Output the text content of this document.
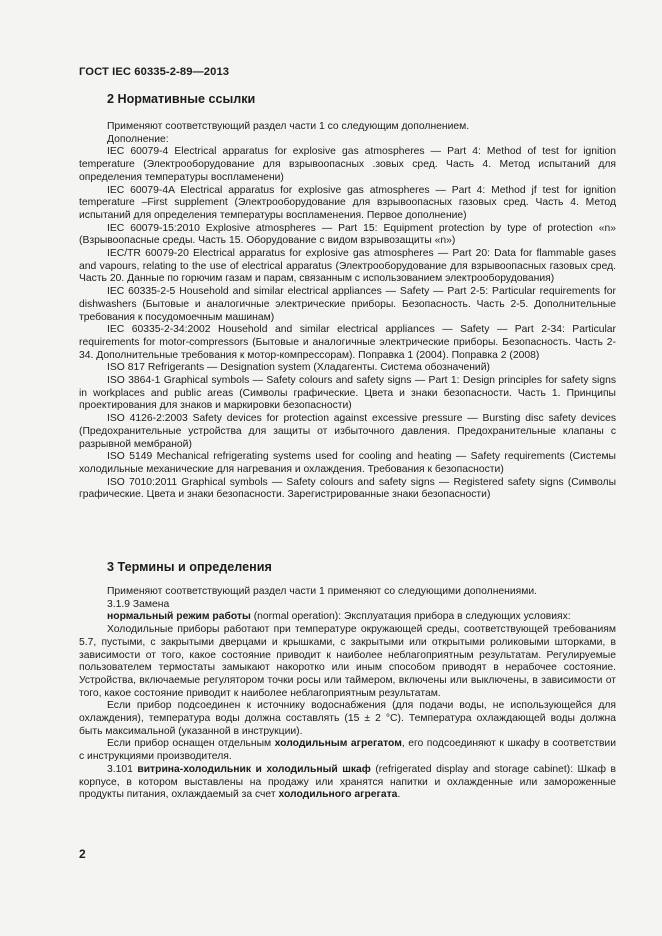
ГОСТ IEC 60335-2-89—2013
2 Нормативные ссылки

Применяют соответствующий раздел части 1 со следующим дополнением.

Дополнение:

IEC 60079-4 Electrical apparatus for explosive gas atmospheres — Part 4: Method of test for ignition temperature (Электрооборудование для взрывоопасных .зовых сред. Часть 4. Метод испытаний для определения температуры воспламенени)

IEC 60079-4A Electrical apparatus for explosive gas atmospheres — Part 4: Method jf test for ignition temperature –First supplement (Электрооборудование для взрывоопасных газовых сред. Часть 4. Метод испытаний для определения температуры воспламенения. Первое дополнение)

IEC 60079-15:2010 Explosive atmospheres — Part 15: Equipment protection by type of protection «n» (Взрывоопасные среды. Часть 15. Оборудование с видом взрывозащиты «n»)

IEC/TR 60079-20 Electrical apparatus for explosive gas atmospheres — Part 20: Data for flammable gases and vapours, relating to the use of electrical apparatus (Электрооборудование для взрывоопасных газовых сред. Часть 20. Данные по горючим газам и парам, связанным с использованием электрооборудования)

IEC 60335-2-5 Household and similar electrical appliances — Safety — Part 2-5: Particular requirements for dishwashers (Бытовые и аналогичные электрические приборы. Безопасность. Часть 2-5. Дополнительные требования к посудомоечным машинам)

IEC 60335-2-34:2002 Household and similar electrical appliances — Safety — Part 2-34: Particular requirements for motor-compressors (Бытовые и аналогичные электрические приборы. Безопасность. Часть 2-34. Дополнительные требования к мотор-компрессорам). Поправка 1 (2004). Поправка 2 (2008)

ISO 817 Refrigerants — Designation system (Хладагенты. Система обозначений)

ISO 3864-1 Graphical symbols — Safety colours and safety signs — Part 1: Design principles for safety signs in workplaces and public areas (Символы графические. Цвета и знаки безопасности. Часть 1. Принципы проектирования для знаков и маркировки безопасности)

ISO 4126-2:2003 Safety devices for protection against excessive pressure — Bursting disc safety devices (Предохранительные устройства для защиты от избыточного давления. Предохранительные клапаны с разрывной мембраной)

ISO 5149 Mechanical refrigerating systems used for cooling and heating — Safety requirements (Системы холодильные механические для нагревания и охлаждения. Требования к безопасности)

ISO 7010:2011 Graphical symbols — Safety colours and safety signs — Registered safety signs (Символы графические. Цвета и знаки безопасности. Зарегистрированные знаки безопасности)

3 Термины и определения

Применяют соответствующий раздел части 1 применяют со следующими дополнениями.

3.1.9 Замена

нормальный режим работы (normal operation): Эксплуатация прибора в следующих условиях:

Холодильные приборы работают при температуре окружающей среды, соответствующей требованиям 5.7, пустыми, с закрытыми дверцами и крышками, с закрытыми или открытыми роликовыми шторками, в зависимости от того, какое состояние приводит к наиболее неблагоприятным результатам. Регулируемые пользователем термостаты замыкают накоротко или иным способом приводят в нерабочее состояние. Устройства, включаемые регулятором точки росы или таймером, включены или выключены, в зависимости от того, какое состояние приводит к наиболее неблагоприятным результатам.

Если прибор подсоединен к источнику водоснабжения (для подачи воды, не использующейся для охлаждения), температура воды должна составлять (15 ± 2 °С). Температура охлаждающей воды должна быть максимальной (указанной в инструкции).

Если прибор оснащен отдельным холодильным агрегатом, его подсоединяют к шкафу в соответствии с инструкциями производителя.

3.101 витрина-холодильник и холодильный шкаф (refrigerated display and storage cabinet): Шкаф в корпусе, в котором выставлены на продажу или хранятся напитки и охлажденные или замороженные продукты питания, охлаждаемый за счет холодильного агрегата.

2
